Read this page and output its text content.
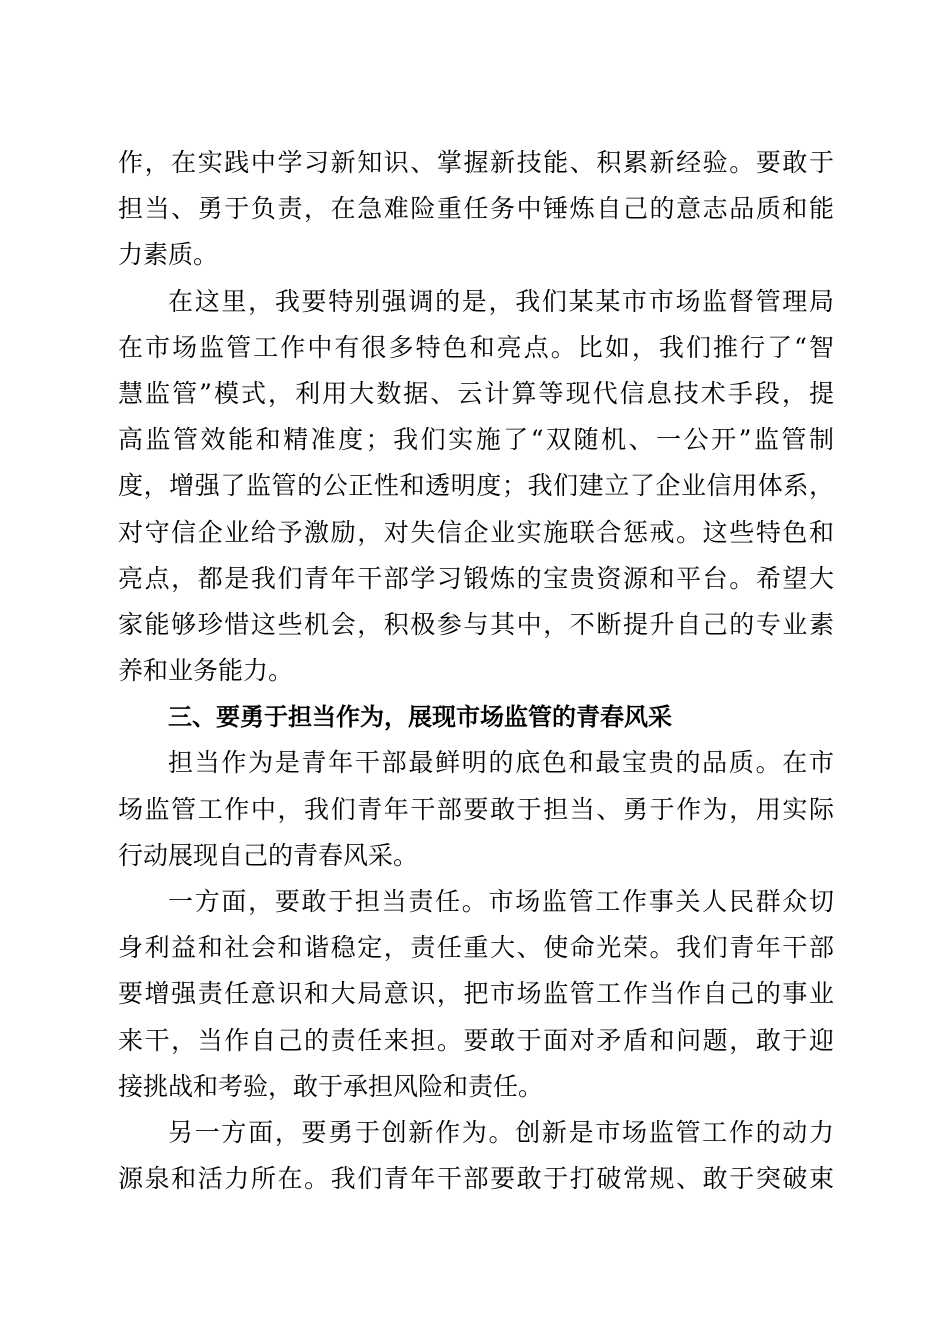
作，在实践中学习新知识、掌握新技能、积累新经验。要敢于
担当、勇于负责，在急难险重任务中锤炼自己的意志品质和能
力素质。
在这里，我要特别强调的是，我们某某市市场监督管理局
在市场监管工作中有很多特色和亮点。比如，我们推行了“智
慧监管”模式，利用大数据、云计算等现代信息技术手段，提
高监管效能和精准度；我们实施了“双随机、一公开”监管制
度，增强了监管的公正性和透明度；我们建立了企业信用体系，
对守信企业给予激励，对失信企业实施联合惩戒。这些特色和
亮点，都是我们青年干部学习锻炼的宝贵资源和平台。希望大
家能够珍惜这些机会，积极参与其中，不断提升自己的专业素
养和业务能力。
三、要勇于担当作为，展现市场监管的青春风采
担当作为是青年干部最鲜明的底色和最宝贵的品质。在市
场监管工作中，我们青年干部要敢于担当、勇于作为，用实际
行动展现自己的青春风采。
一方面，要敢于担当责任。市场监管工作事关人民群众切
身利益和社会和谐稳定，责任重大、使命光荣。我们青年干部
要增强责任意识和大局意识，把市场监管工作当作自己的事业
来干，当作自己的责任来担。要敢于面对矛盾和问题，敢于迎
接挑战和考验，敢于承担风险和责任。
另一方面，要勇于创新作为。创新是市场监管工作的动力
源泉和活力所在。我们青年干部要敢于打破常规、敢于突破束
